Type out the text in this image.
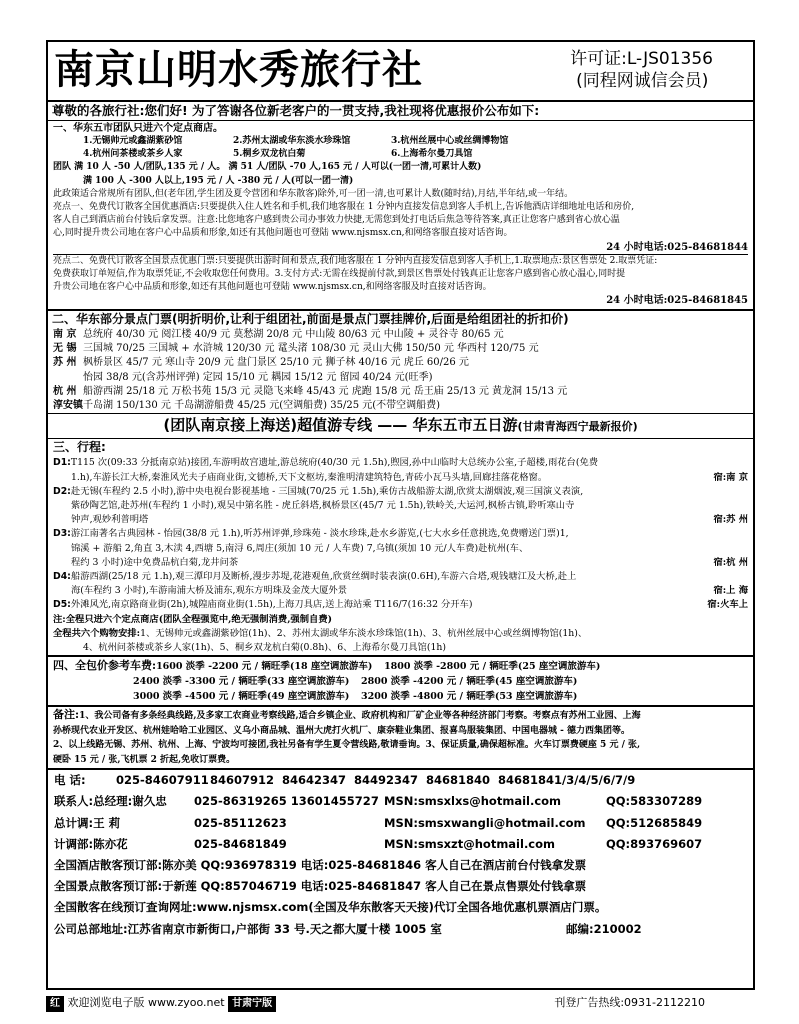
南京山明水秀旅行社	许可证:L-JS01356
(同程网诚信会员)
尊敬的各旅行社:您们好! 为了答谢各位新老客户的一贯支持,我社现将优惠报价公布如下:
一、华东五市团队只进六个定点商店。
1.无锡帅元或鑫湖紫砂馆	2.苏州太湖或华东淡水珍珠馆	3.杭州丝展中心或丝绸博物馆
4.杭州问茶楼或茶乡人家	5.桐乡双龙杭白菊	6.上海希尔曼刀具馆
团队 满 10 人 -50 人/团队,135 元 / 人。 满 51 人/团队 -70 人,165 元 / 人可以(一团一清,可累计人数)
满 100 人 -300 人以上,195 元 / 人 -380 元 / 人(可以一团一清)
此政策适合常规所有团队,但(老年团,学生团及夏令营团和华东散客)除外,可一团一清,也可累计人数(随时结),月结,半年结,或一年结。
亮点一、免费代订散客全国优惠酒店:只要提供入住人姓名和手机,我们地客服在 1 分钟内直接发信息到客人手机上,告诉他酒店详细地址电话和房价,
客人自己到酒店前台付钱后拿发票。注意:比您地客户感到贵公司办事效力快捷,无需您到处打电话后焦急等待答案,真正让您客户感到省心放心温
心,同时提升贵公司地在客户心中品质和形象,如还有其他问题也可登陆 www.njsmsx.cn,和网络客服直接对话咨询。
24 小时电话:025-84681844
亮点二、免费代订散客全国景点优惠门票:只要提供出游时间和景点,我们地客服在 1 分钟内直接发信息到客人手机上,1.取票地点:景区售票处 2.取票凭证:
免费获取订单短信,作为取票凭证,不会收取您任何费用。3.支付方式:无需在线提前付款,到景区售票处付钱真正让您客户感到省心放心温心,同时提
升贵公司地在客户心中品质和形象,如还有其他问题也可登陆 www.njsmsx.cn,和网络客服及时直接对话咨询。
24 小时电话:025-84681845
二、华东部分景点门票(明折明价,让利于组团社,前面是景点门票挂牌价,后面是给组团社的折扣价)
南 京 总统府 40/30 元 阅江楼 40/9 元 莫愁湖 20/8 元 中山陵 80/63 元 中山陵 + 灵谷寺 80/65 元
无 锡 三国城 70/25 三国城 + 水浒城 120/30 元 鼋头渚 108/30 元 灵山大佛 150/50 元 华西村 120/75 元
苏 州 枫桥景区 45/7 元 寒山寺 20/9 元 盘门景区 25/10 元 狮子林 40/16 元 虎丘 60/26 元
怡园 38/8 元(含苏州评弹) 定园 15/10 元 耦园 15/12 元 留园 40/24 元(旺季)
杭 州 船游西湖 25/18 元 万松书苑 15/3 元 灵隐飞来峰 45/43 元 虎跑 15/8 元 岳王庙 25/13 元 黄龙洞 15/13 元
淳安镇千岛湖 150/130 元 千岛湖游船费 45/25 元(空调船费) 35/25 元(不带空调船费)
(团队南京接上海送)超值游专线 —— 华东五市五日游(甘肃青海西宁最新报价)
三、行程:
D1:T115 次(09:33 分抵南京站)接团,车游明故宫遗址,游总统府(40/30 元 1.5h),煦园,孙中山临时大总统办公室,子超楼,雨花台(免费
1.h),车游长江大桥,秦淮风光夫子庙商业街,文德桥,天下文枢坊,秦淮明清建筑特色,青砖小瓦马头墙,回廊挂落花格窗。	宿:南 京
D2:赴无锡(车程约 2.5 小时),游中央电视台影视基地 - 三国城(70/25 元 1.5h),乘仿古战船游太湖,欣赏太湖烟波,观三国演义表演,
紫砂陶艺馆,赴苏州(车程约 1 小时),观吴中第名胜 - 虎丘斜塔,枫桥景区(45/7 元 1.5h),铁岭关,大运河,枫桥古镇,聆听寒山寺
钟声,观妙利普明塔	宿:苏 州
D3:游江南著名古典园林 - 怡园(38/8 元 1.h),听苏州评弹,珍珠苑 - 淡水珍珠,赴水乡游览,(七大水乡任意挑选,免费赠送门票)1,
锦溪 + 游船 2,角直 3,木渎 4,西塘 5,南浔 6,周庄(须加 10 元 / 人车费) 7,乌镇(须加 10 元/人车费)赴杭州(车、
程约 3 小时)途中免费品杭白菊,龙井问茶	宿:杭 州
D4:船游西湖(25/18 元 1.h),观三潭印月及断桥,漫步苏堤,花港观鱼,欣赏丝绸时装表演(0.6H),车游六合塔,观钱塘江及大桥,赴上
海(车程约 3 小时),车游南浦大桥及浦东,观东方明珠及金茂大厦外景	宿:上 海
D5:外滩风光,南京路商业街(2h),城隍庙商业街(1.5h),上海刀具店,送上海站乘 T116/7(16:32 分开车)	宿:火车上
注:全程只进六个定点商店(团队全程强览中,绝无强制消费,强制自费)
全程共六个购物安排:1、无锡帅元或鑫湖紫砂馆(1h)、2、苏州太湖或华东淡水珍珠馆(1h)、3、杭州丝展中心或丝绸博物馆(1h)、
4、杭州问茶楼或茶乡人家(1h)、5、桐乡双龙杭白菊(0.8h)、6、上海希尔曼刀具馆(1h)
四、全包价参考车费:1600 淡季 -2200 元 / 辆旺季(18 座空调旅游车) 1800 淡季 -2800 元 / 辆旺季(25 座空调旅游车)
2400 淡季 -3300 元 / 辆旺季(33 座空调旅游车) 2800 淡季 -4200 元 / 辆旺季(45 座空调旅游车)
3000 淡季 -4500 元 / 辆旺季(49 座空调旅游车) 3200 淡季 -4800 元 / 辆旺季(53 座空调旅游车)
备注:1、我公司备有多条经典线路,及多家工农商业考察线路,适合乡镇企业、政府机构和厂矿企业等各种经济部门考察。考察点有苏州工业园、上海
孙桥现代农业开发区、杭州娃哈哈工业园区、义乌小商品城、温州大虎打火机厂、康奈鞋业集团、报喜鸟服装集团、中国电器城 - 德力西集团等。
2、以上线路无锡、苏州、杭州、上海、宁波均可接团,我社另备有学生夏令营线路,敬请垂询。3、保证质量,确保超标准。火车订票费硬座 5 元 / 张,
硬卧 15 元 / 张,飞机票 2 折起,免收订票费。
电 话:	025-8460791184607912 84642347 84492347 84681840 84681841/3/4/5/6/7/9
联系人:总经理:谢久忠 025-86319265 13601455727 MSN:smsxlxs@hotmail.com	QQ:583307289
总计调:王 莉	025-85112623	MSN:smsxwangli@hotmail.com QQ:512685849
计调部:陈亦花	025-84681849	MSN:smsxzt@hotmail.com	QQ:893769607
全国酒店散客预订部:陈亦美 QQ:936978319 电话:025-84681846 客人自己在酒店前台付钱拿发票
全国景点散客预订部:于新莲 QQ:857046719 电话:025-84681847 客人自己在景点售票处付钱拿票
全国散客在线预订查询网址:www.njsmsx.com(全国及华东散客天天接)代订全国各地优惠机票酒店门票。
公司总部地址:江苏省南京市新街口,户部街 33 号.天之都大厦十楼 1005 室	邮编:210002
红 欢迎浏览电子版 www.zyoo.net 甘肃宁版	刊登广告热线:0931-2112210
